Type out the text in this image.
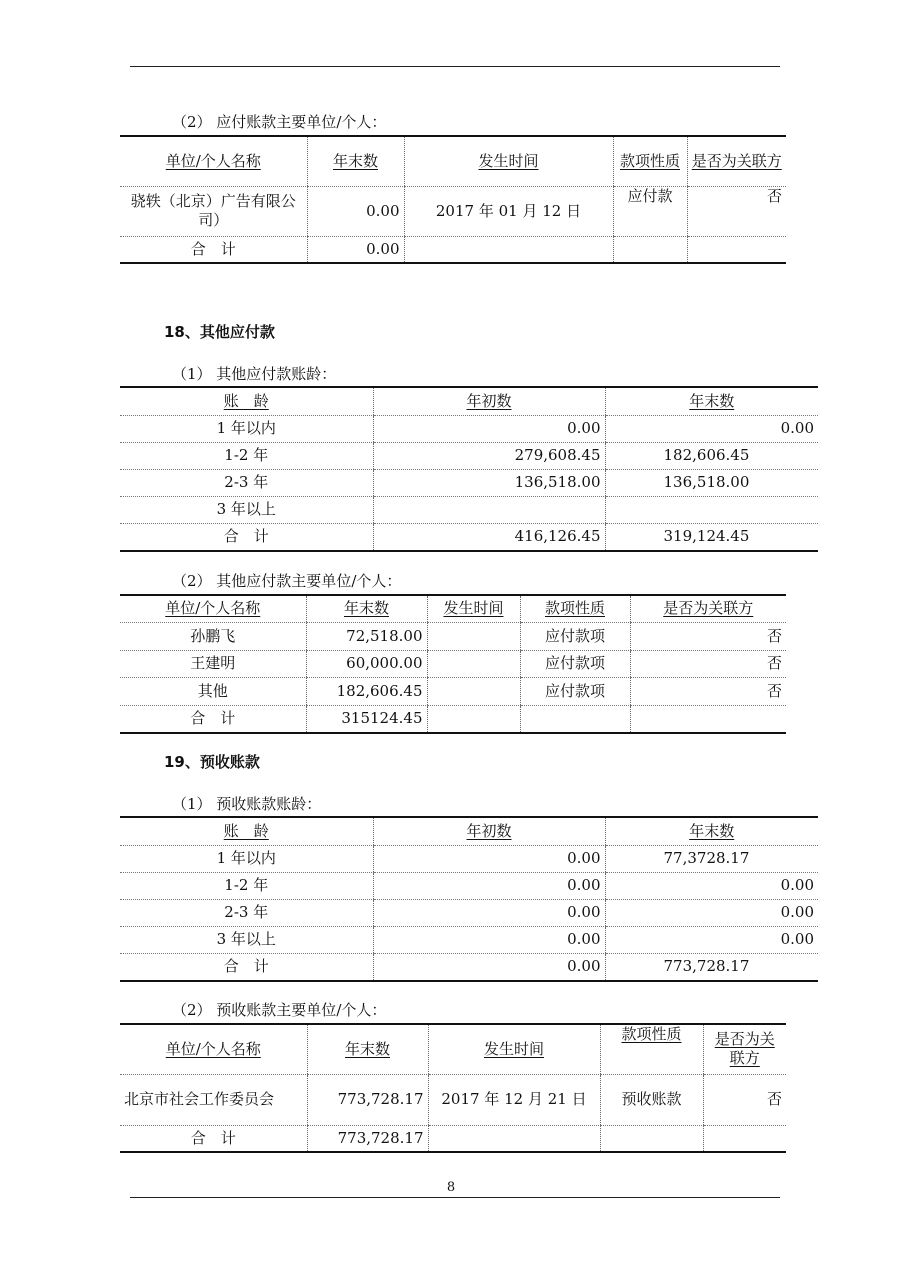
（2） 应付账款主要单位/个人：
单位/个人名称	年末数	发生时间	款项性质	是否为关联方
骁轶（北京）广告有限公司）	0.00	2017 年 01 月 12 日	应付款	否
合　计	0.00			
18、其他应付款
（1） 其他应付款账龄：
账　龄	年初数	年末数
1 年以内	0.00	0.00
1-2 年	279,608.45	182,606.45
2-3 年	136,518.00	136,518.00
3 年以上		
合　计	416,126.45	319,124.45
（2） 其他应付款主要单位/个人：
单位/个人名称	年末数	发生时间	款项性质	是否为关联方
孙鹏飞	72,518.00		应付款项	否
王建明	60,000.00		应付款项	否
其他	182,606.45		应付款项	否
合　计	315124.45			
19、预收账款
（1） 预收账款账龄：
账　龄	年初数	年末数
1 年以内	0.00	77,3728.17
1-2 年	0.00	0.00
2-3 年	0.00	0.00
3 年以上	0.00	0.00
合　计	0.00	773,728.17
（2） 预收账款主要单位/个人：
单位/个人名称	年末数	发生时间	款项性质	是否为关联方
北京市社会工作委员会	773,728.17	2017 年 12 月 21 日	预收账款	否
合　计	773,728.17			
8
